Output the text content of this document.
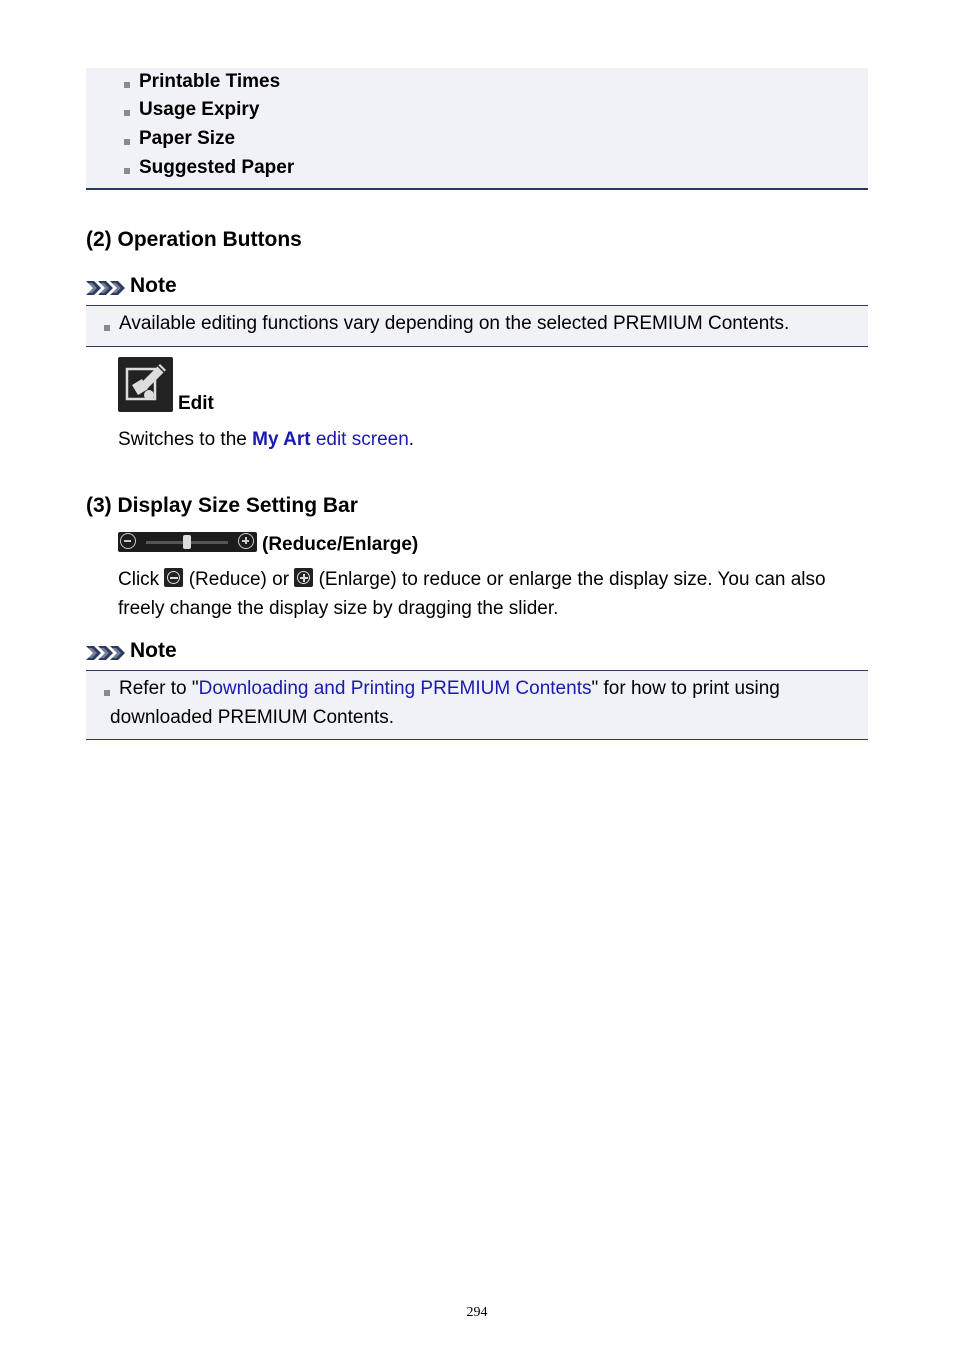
Printable Times
Usage Expiry
Paper Size
Suggested Paper
(2) Operation Buttons
Note
Available editing functions vary depending on the selected PREMIUM Contents.
Edit
Switches to the My Art edit screen.
(3) Display Size Setting Bar
(Reduce/Enlarge)
Click
(Reduce) or
(Enlarge) to reduce or enlarge the display size. You can also
freely change the display size by dragging the slider.
Note
Refer to "Downloading and Printing PREMIUM Contents" for how to print using
downloaded PREMIUM Contents.
294
